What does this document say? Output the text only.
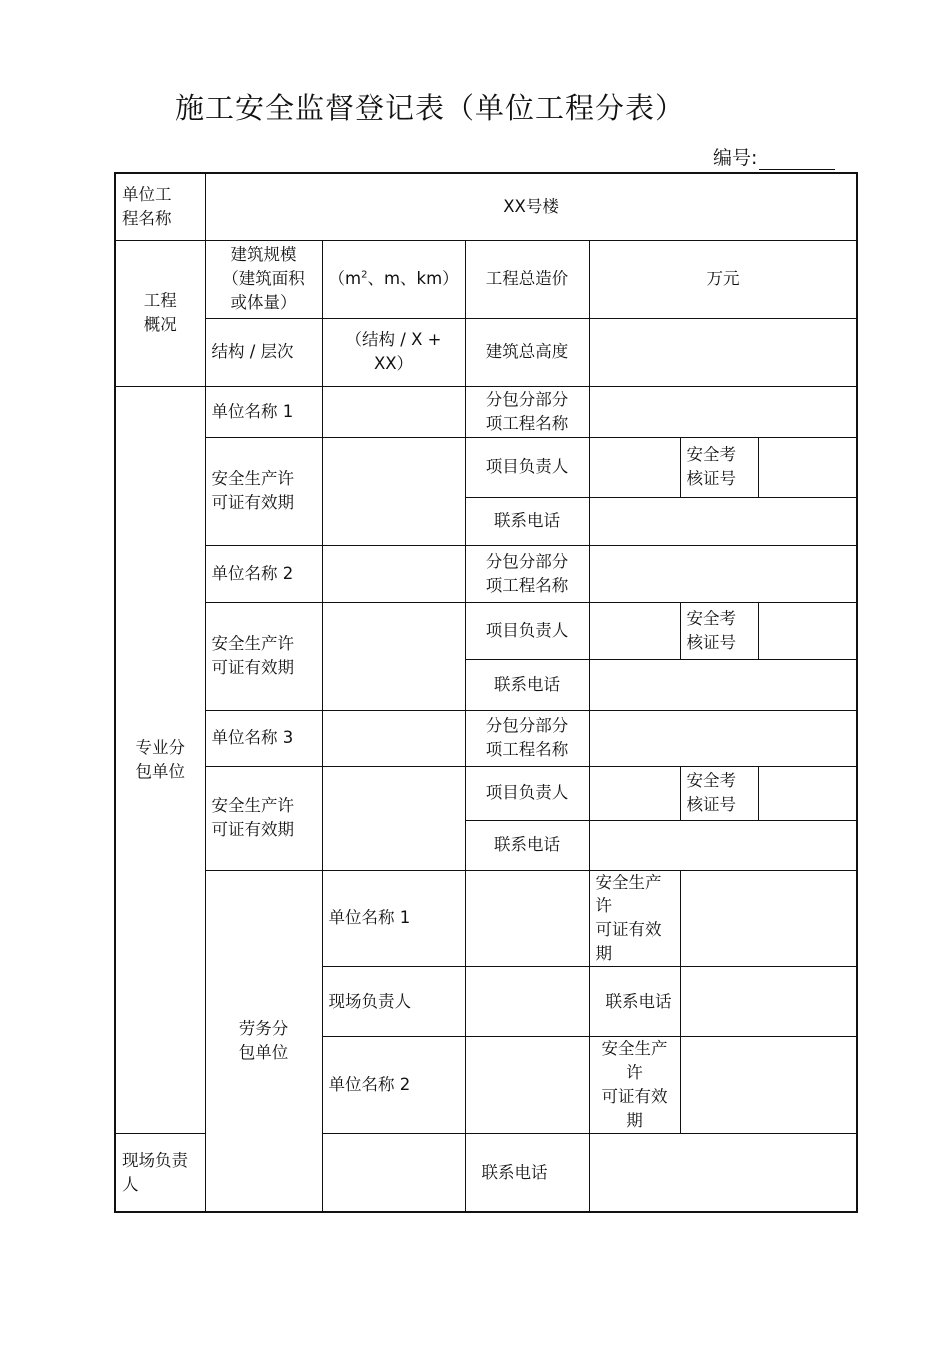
施工安全监督登记表（单位工程分表）
编号:
单位工
程名称	XX号楼					
工程
概况	建筑规模
（建筑面积
或体量）	（$m^2$、m、km）	工程总造价	万元		
	结构 / 层次	（结构 / X + XX）	建筑总高度			
专业分
包单位	单位名称 1		分包分部分
项工程名称			
	安全生产许
可证有效期		项目负责人		安全考
核证号	
			联系电话			
	单位名称 2		分包分部分
项工程名称			
	安全生产许
可证有效期		项目负责人		安全考
核证号	
			联系电话			
	单位名称 3		分包分部分
项工程名称			
	安全生产许
可证有效期		项目负责人		安全考
核证号	
			联系电话			
	劳务分
包单位	单位名称 1		安全生产许
可证有效期		
		现场负责人		联系电话		
		单位名称 2		安全生产许
可证有效期		
现场负责人			联系电话			
